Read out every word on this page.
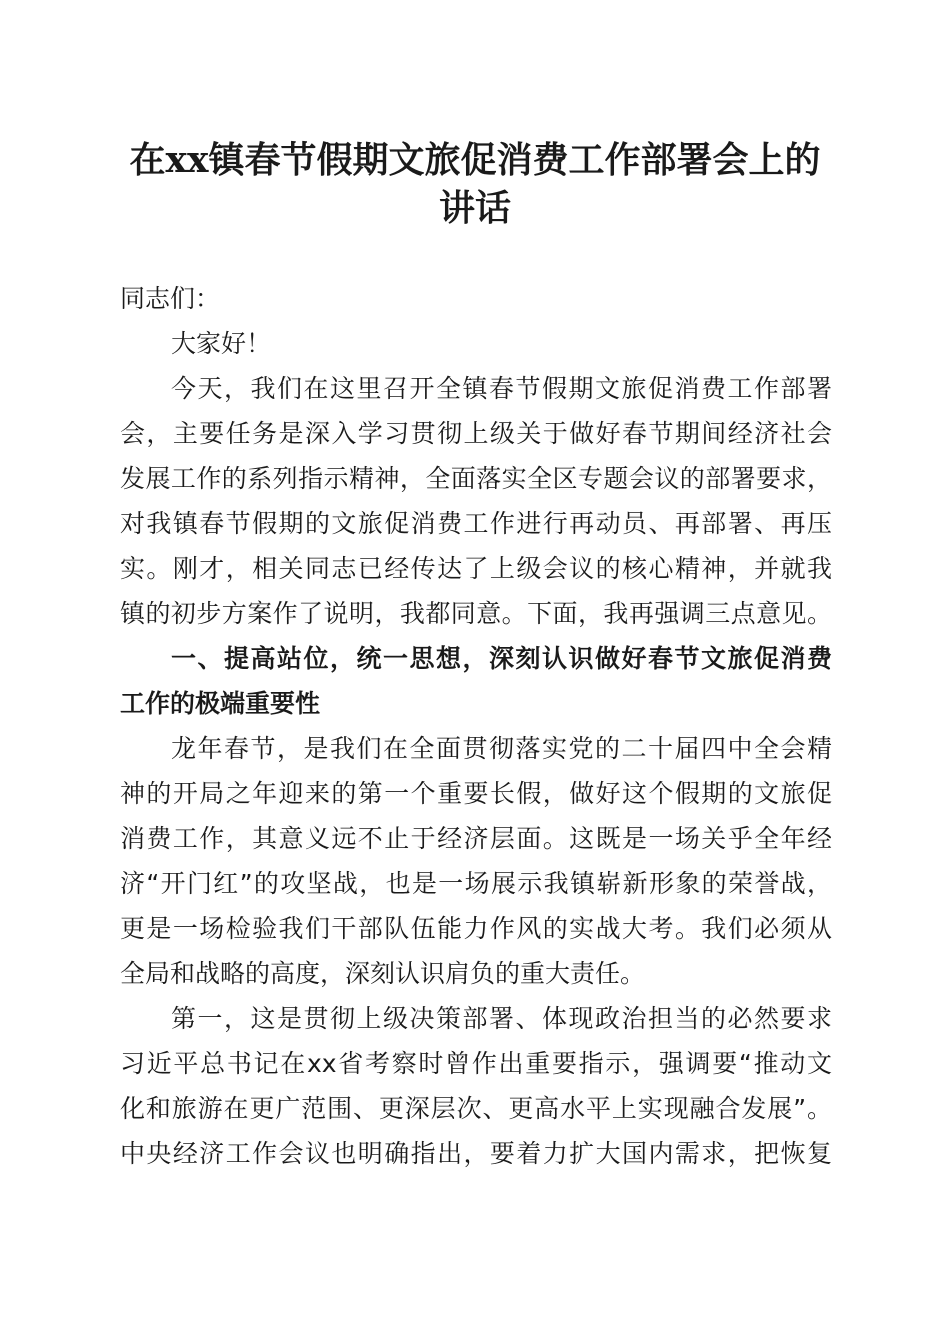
在xx镇春节假期文旅促消费工作部署会上的
讲话
同志们：
大家好！
今天，我们在这里召开全镇春节假期文旅促消费工作部署
会，主要任务是深入学习贯彻上级关于做好春节期间经济社会
发展工作的系列指示精神，全面落实全区专题会议的部署要求，
对我镇春节假期的文旅促消费工作进行再动员、再部署、再压
实。刚才，相关同志已经传达了上级会议的核心精神，并就我
镇的初步方案作了说明，我都同意。下面，我再强调三点意见。
一、提高站位，统一思想，深刻认识做好春节文旅促消费
工作的极端重要性
龙年春节，是我们在全面贯彻落实党的二十届四中全会精
神的开局之年迎来的第一个重要长假，做好这个假期的文旅促
消费工作，其意义远不止于经济层面。这既是一场关乎全年经
济“开门红”的攻坚战，也是一场展示我镇崭新形象的荣誉战，
更是一场检验我们干部队伍能力作风的实战大考。我们必须从
全局和战略的高度，深刻认识肩负的重大责任。
第一，这是贯彻上级决策部署、体现政治担当的必然要求
习近平总书记在xx省考察时曾作出重要指示，强调要“推动文
化和旅游在更广范围、更深层次、更高水平上实现融合发展”。
中央经济工作会议也明确指出，要着力扩大国内需求，把恢复
